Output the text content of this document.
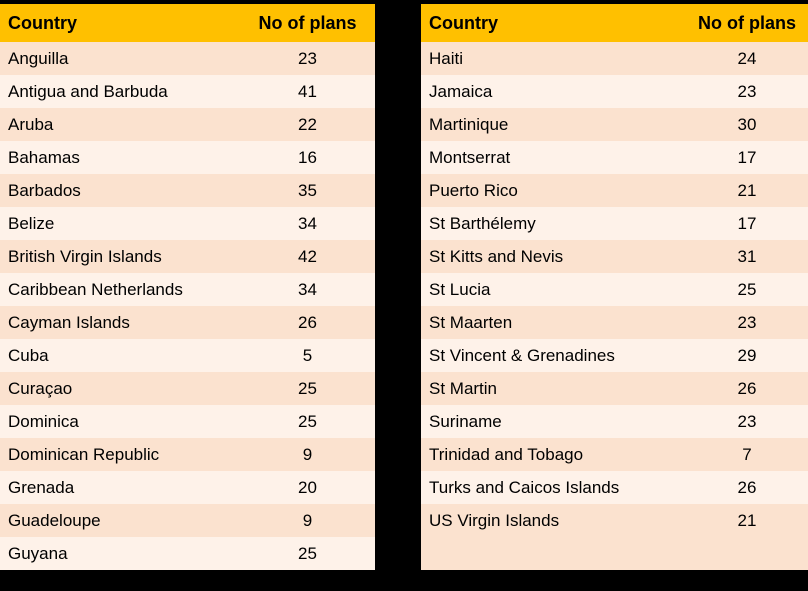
Country	No of plans
Anguilla	23
Antigua and Barbuda	41
Aruba	22
Bahamas	16
Barbados	35
Belize	34
British Virgin Islands	42
Caribbean Netherlands	34
Cayman Islands	26
Cuba	5
Curaçao	25
Dominica	25
Dominican Republic	9
Grenada	20
Guadeloupe	9
Guyana	25
Country	No of plans
Haiti	24
Jamaica	23
Martinique	30
Montserrat	17
Puerto Rico	21
St Barthélemy	17
St Kitts and Nevis	31
St Lucia	25
St Maarten	23
St Vincent & Grenadines	29
St Martin	26
Suriname	23
Trinidad and Tobago	7
Turks and Caicos Islands	26
US Virgin Islands	21
